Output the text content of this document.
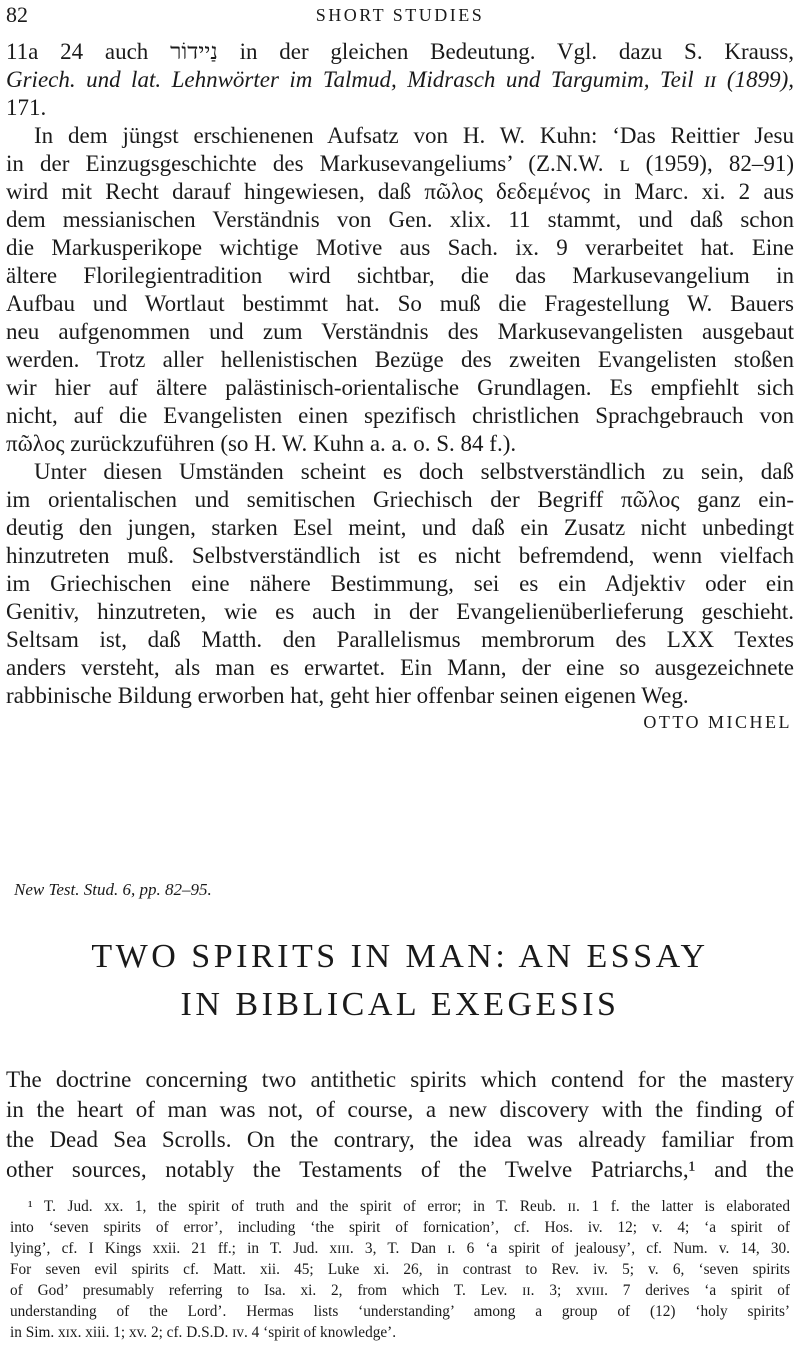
82	SHORT STUDIES
11a 24 auch ‏נַיידוֹר‏ in der gleichen Bedeutung. Vgl. dazu S. Krauss,
Griech. und lat. Lehnwörter im Talmud, Midrasch und Targumim, Teil ɪɪ (1899),
171.
In dem jüngst erschienenen Aufsatz von H. W. Kuhn: ‘Das Reittier Jesu
in der Einzugsgeschichte des Markusevangeliums’ (Z.N.W. ʟ (1959), 82–91)
wird mit Recht darauf hingewiesen, daß πῶλος δεδεμένος in Marc. xi. 2 aus
dem messianischen Verständnis von Gen. xlix. 11 stammt, und daß schon
die Markusperikope wichtige Motive aus Sach. ix. 9 verarbeitet hat. Eine
ältere Florilegientradition wird sichtbar, die das Markusevangelium in
Aufbau und Wortlaut bestimmt hat. So muß die Fragestellung W. Bauers
neu aufgenommen und zum Verständnis des Markusevangelisten ausgebaut
werden. Trotz aller hellenistischen Bezüge des zweiten Evangelisten stoßen
wir hier auf ältere palästinisch-orientalische Grundlagen. Es empfiehlt sich
nicht, auf die Evangelisten einen spezifisch christlichen Sprachgebrauch von
πῶλος zurückzuführen (so H. W. Kuhn a. a. o. S. 84 f.).
Unter diesen Umständen scheint es doch selbstverständlich zu sein, daß
im orientalischen und semitischen Griechisch der Begriff πῶλος ganz ein-
deutig den jungen, starken Esel meint, und daß ein Zusatz nicht unbedingt
hinzutreten muß. Selbstverständlich ist es nicht befremdend, wenn vielfach
im Griechischen eine nähere Bestimmung, sei es ein Adjektiv oder ein
Genitiv, hinzutreten, wie es auch in der Evangelienüberlieferung geschieht.
Seltsam ist, daß Matth. den Parallelismus membrorum des LXX Textes
anders versteht, als man es erwartet. Ein Mann, der eine so ausgezeichnete
rabbinische Bildung erworben hat, geht hier offenbar seinen eigenen Weg.
OTTO MICHEL
New Test. Stud. 6, pp. 82–95.
TWO SPIRITS IN MAN: AN ESSAY
IN BIBLICAL EXEGESIS
The doctrine concerning two antithetic spirits which contend for the mastery
in the heart of man was not, of course, a new discovery with the finding of
the Dead Sea Scrolls. On the contrary, the idea was already familiar from
other sources, notably the Testaments of the Twelve Patriarchs,¹ and the
¹ T. Jud. xx. 1, the spirit of truth and the spirit of error; in T. Reub. ɪɪ. 1 f. the latter is elaborated
into ‘seven spirits of error’, including ‘the spirit of fornication’, cf. Hos. iv. 12; v. 4; ‘a spirit of
lying’, cf. I Kings xxii. 21 ff.; in T. Jud. xɪɪɪ. 3, T. Dan ɪ. 6 ‘a spirit of jealousy’, cf. Num. v. 14, 30.
For seven evil spirits cf. Matt. xii. 45; Luke xi. 26, in contrast to Rev. iv. 5; v. 6, ‘seven spirits
of God’ presumably referring to Isa. xi. 2, from which T. Lev. ɪɪ. 3; xᴠɪɪɪ. 7 derives ‘a spirit of
understanding of the Lord’. Hermas lists ‘understanding’ among a group of (12) ‘holy spirits’
in Sim. xɪx. xiii. 1; xv. 2; cf. D.S.D. ɪᴠ. 4 ‘spirit of knowledge’.
